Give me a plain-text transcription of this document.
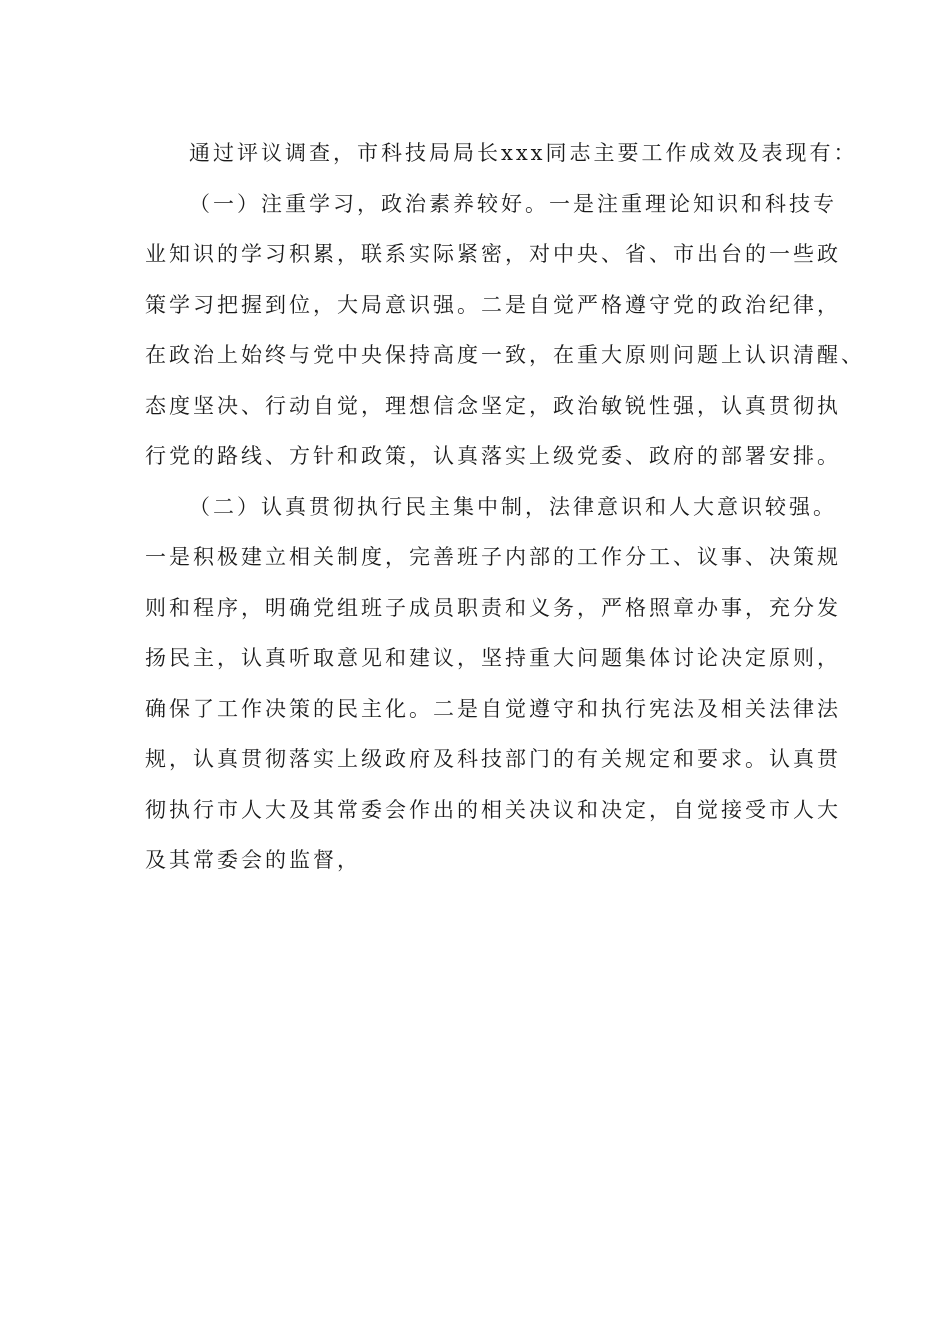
通过评议调查，市科技局局长xxx同志主要工作成效及表现有：
（一）注重学习，政治素养较好。一是注重理论知识和科技专
业知识的学习积累，联系实际紧密，对中央、省、市出台的一些政
策学习把握到位，大局意识强。二是自觉严格遵守党的政治纪律，
在政治上始终与党中央保持高度一致，在重大原则问题上认识清醒、
态度坚决、行动自觉，理想信念坚定，政治敏锐性强，认真贯彻执
行党的路线、方针和政策，认真落实上级党委、政府的部署安排。
（二）认真贯彻执行民主集中制，法律意识和人大意识较强。
一是积极建立相关制度，完善班子内部的工作分工、议事、决策规
则和程序，明确党组班子成员职责和义务，严格照章办事，充分发
扬民主，认真听取意见和建议，坚持重大问题集体讨论决定原则，
确保了工作决策的民主化。二是自觉遵守和执行宪法及相关法律法
规，认真贯彻落实上级政府及科技部门的有关规定和要求。认真贯
彻执行市人大及其常委会作出的相关决议和决定，自觉接受市人大
及其常委会的监督，
